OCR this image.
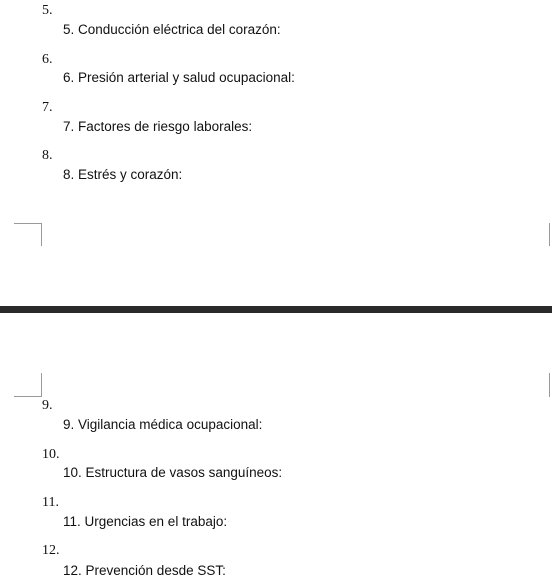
5.
5. Conducción eléctrica del corazón:
6.
6. Presión arterial y salud ocupacional:
7.
7. Factores de riesgo laborales:
8.
8. Estrés y corazón:
9.
9. Vigilancia médica ocupacional:
10.
10. Estructura de vasos sanguíneos:
11.
11. Urgencias en el trabajo:
12.
12. Prevención desde SST:
